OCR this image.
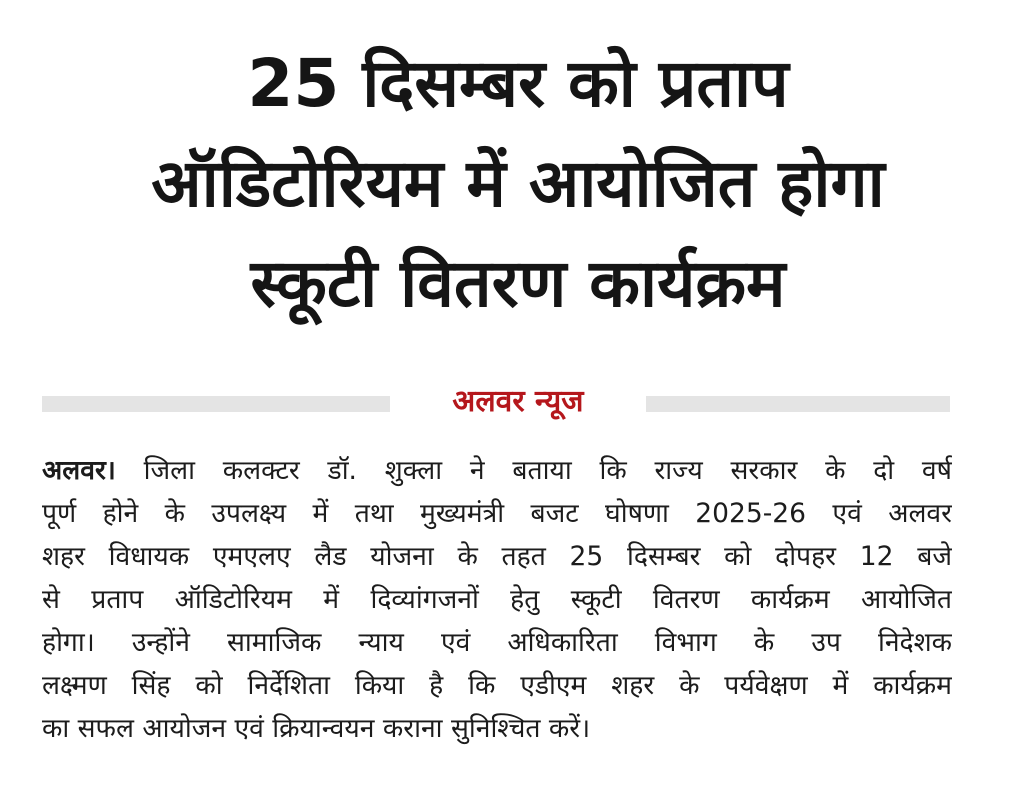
25 दिसम्बर को प्रताप
ऑडिटोरियम में आयोजित होगा
स्कूटी वितरण कार्यक्रम
अलवर न्यूज
अलवर। जिला कलक्टर डॉ. शुक्ला ने बताया कि राज्य सरकार के दो वर्ष
पूर्ण होने के उपलक्ष्य में तथा मुख्यमंत्री बजट घोषणा 2025-26 एवं अलवर
शहर विधायक एमएलए लैड योजना के तहत 25 दिसम्बर को दोपहर 12 बजे
से प्रताप ऑडिटोरियम में दिव्यांगजनों हेतु स्कूटी वितरण कार्यक्रम आयोजित
होगा। उन्होंने सामाजिक न्याय एवं अधिकारिता विभाग के उप निदेशक
लक्ष्मण सिंह को निर्देशिता किया है कि एडीएम शहर के पर्यवेक्षण में कार्यक्रम
का सफल आयोजन एवं क्रियान्वयन कराना सुनिश्चित करें।
